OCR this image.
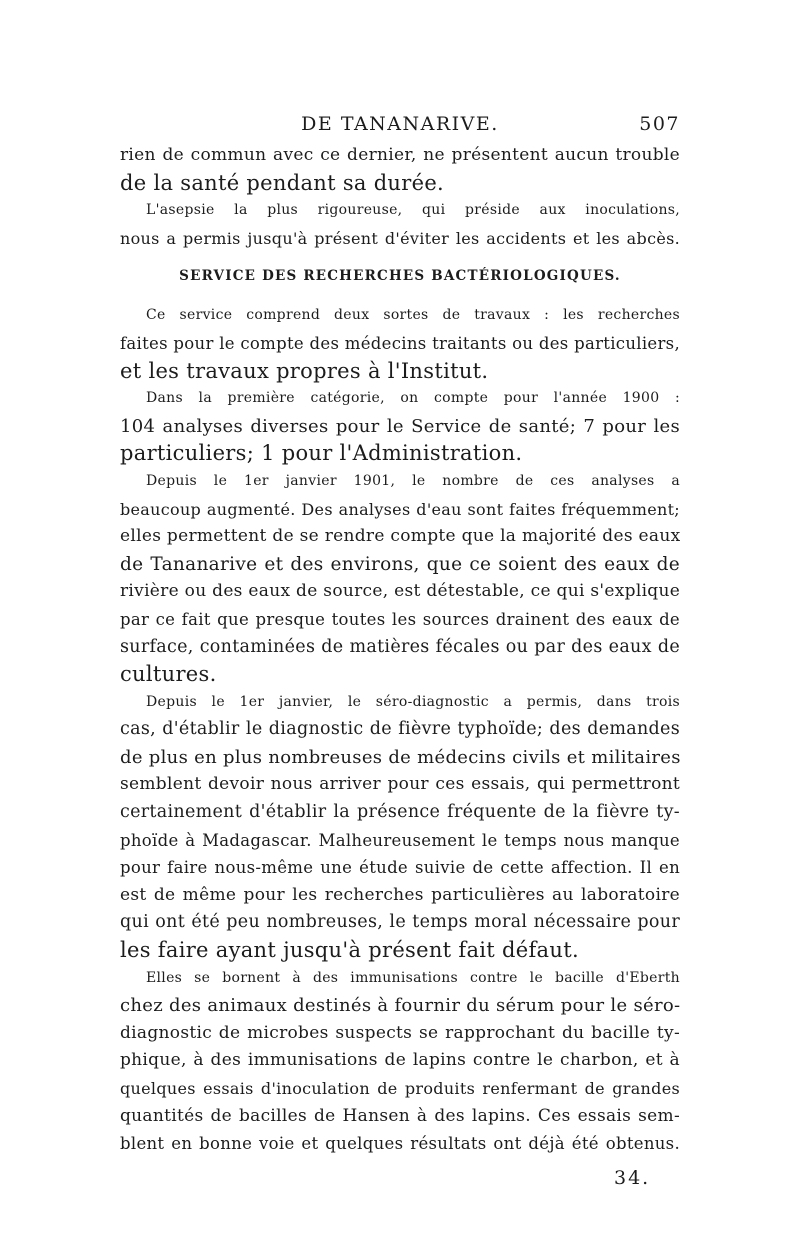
DE TANANARIVE.	507
rien de commun avec ce dernier, ne présentent aucun trouble
de la santé pendant sa durée.
L'asepsie la plus rigoureuse, qui préside aux inoculations,
nous a permis jusqu'à présent d'éviter les accidents et les abcès.
SERVICE DES RECHERCHES BACTÉRIOLOGIQUES.
Ce service comprend deux sortes de travaux : les recherches
faites pour le compte des médecins traitants ou des particuliers,
et les travaux propres à l'Institut.
Dans la première catégorie, on compte pour l'année 1900 :
104 analyses diverses pour le Service de santé; 7 pour les
particuliers; 1 pour l'Administration.
Depuis le 1er janvier 1901, le nombre de ces analyses a
beaucoup augmenté. Des analyses d'eau sont faites fréquemment;
elles permettent de se rendre compte que la majorité des eaux
de Tananarive et des environs, que ce soient des eaux de
rivière ou des eaux de source, est détestable, ce qui s'explique
par ce fait que presque toutes les sources drainent des eaux de
surface, contaminées de matières fécales ou par des eaux de
cultures.
Depuis le 1er janvier, le séro-diagnostic a permis, dans trois
cas, d'établir le diagnostic de fièvre typhoïde; des demandes
de plus en plus nombreuses de médecins civils et militaires
semblent devoir nous arriver pour ces essais, qui permettront
certainement d'établir la présence fréquente de la fièvre ty-
phoïde à Madagascar. Malheureusement le temps nous manque
pour faire nous-même une étude suivie de cette affection. Il en
est de même pour les recherches particulières au laboratoire
qui ont été peu nombreuses, le temps moral nécessaire pour
les faire ayant jusqu'à présent fait défaut.
Elles se bornent à des immunisations contre le bacille d'Eberth
chez des animaux destinés à fournir du sérum pour le séro-
diagnostic de microbes suspects se rapprochant du bacille ty-
phique, à des immunisations de lapins contre le charbon, et à
quelques essais d'inoculation de produits renfermant de grandes
quantités de bacilles de Hansen à des lapins. Ces essais sem-
blent en bonne voie et quelques résultats ont déjà été obtenus.
34.
